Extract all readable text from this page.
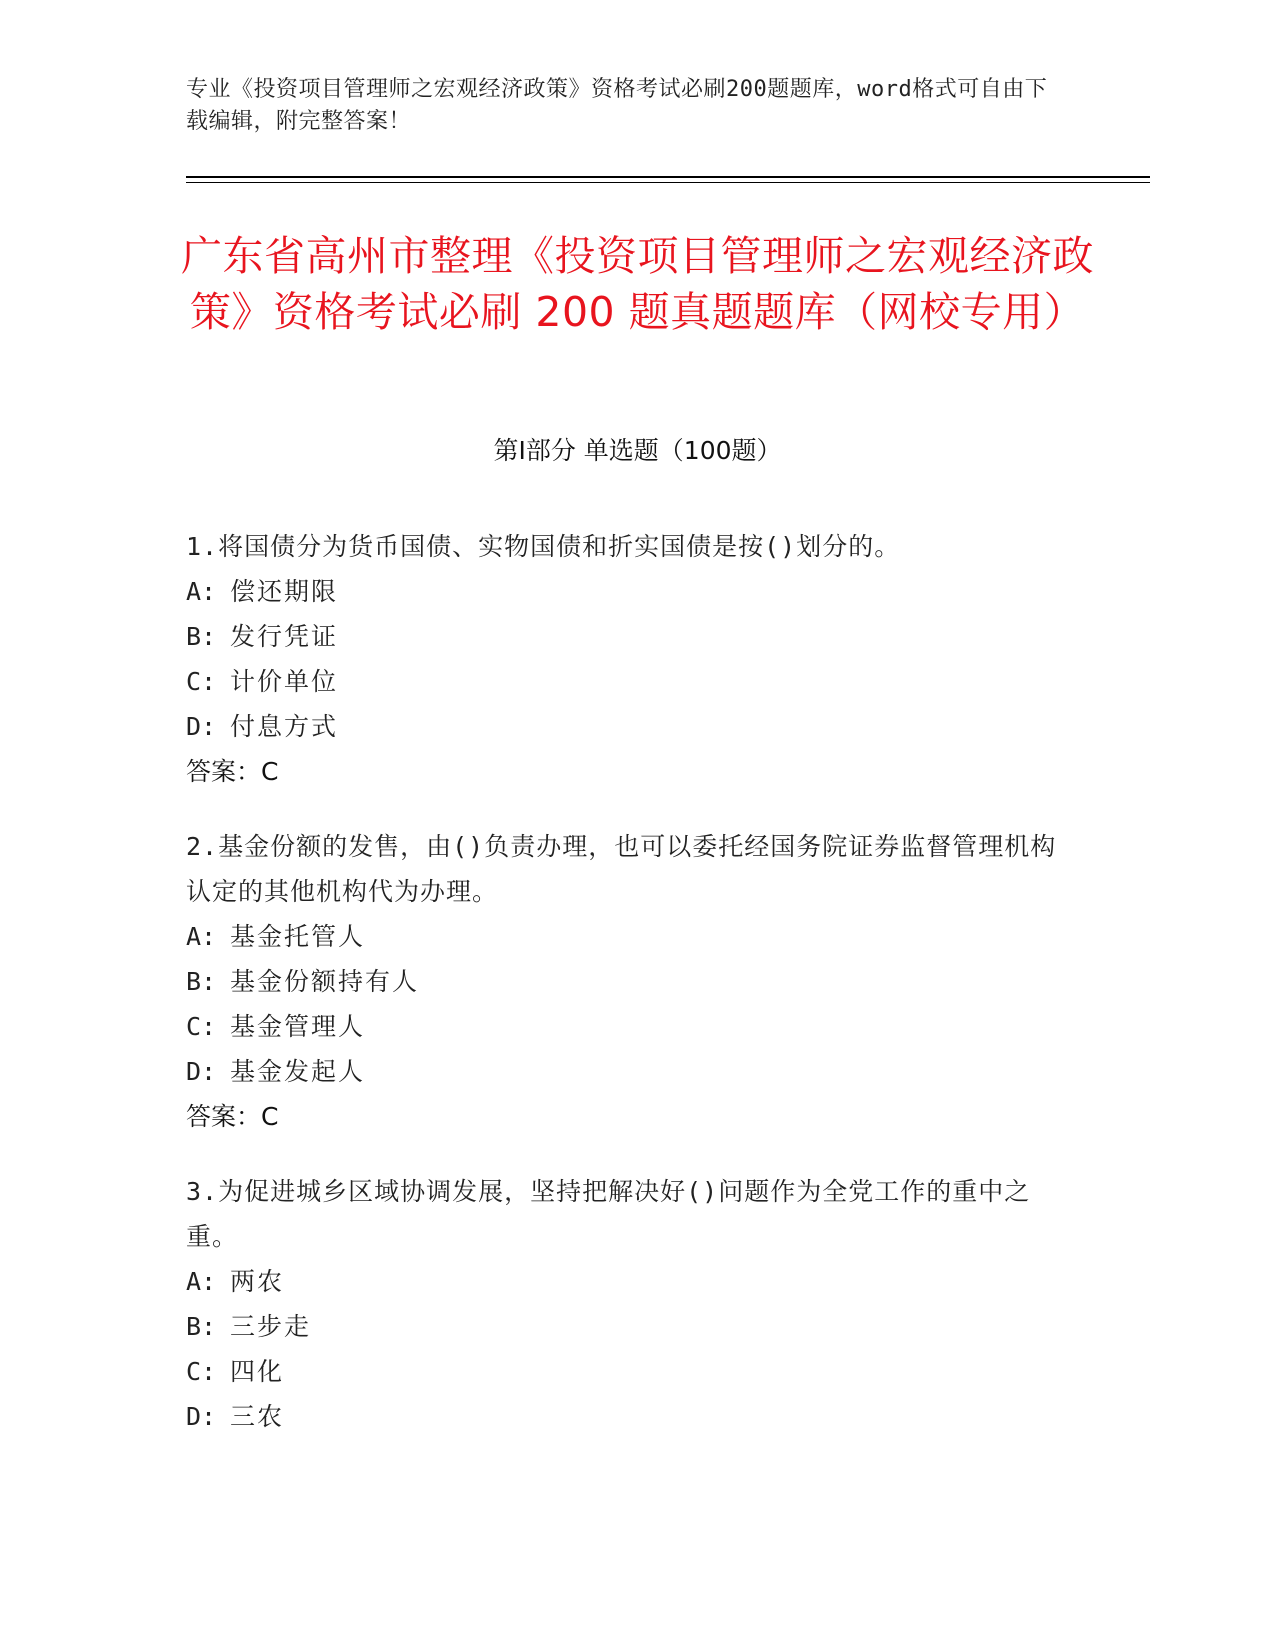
专业《投资项目管理师之宏观经济政策》资格考试必刷200题题库，word格式可自由下载编辑，附完整答案！
广东省高州市整理《投资项目管理师之宏观经济政策》资格考试必刷 200 题真题题库（网校专用）
第Ⅰ部分 单选题（100题）
1.将国债分为货币国债、实物国债和折实国债是按()划分的。
A: 偿还期限
B: 发行凭证
C: 计价单位
D: 付息方式
答案：C
2.基金份额的发售，由()负责办理，也可以委托经国务院证券监督管理机构认定的其他机构代为办理。
A: 基金托管人
B: 基金份额持有人
C: 基金管理人
D: 基金发起人
答案：C
3.为促进城乡区域协调发展，坚持把解决好()问题作为全党工作的重中之重。
A: 两农
B: 三步走
C: 四化
D: 三农
